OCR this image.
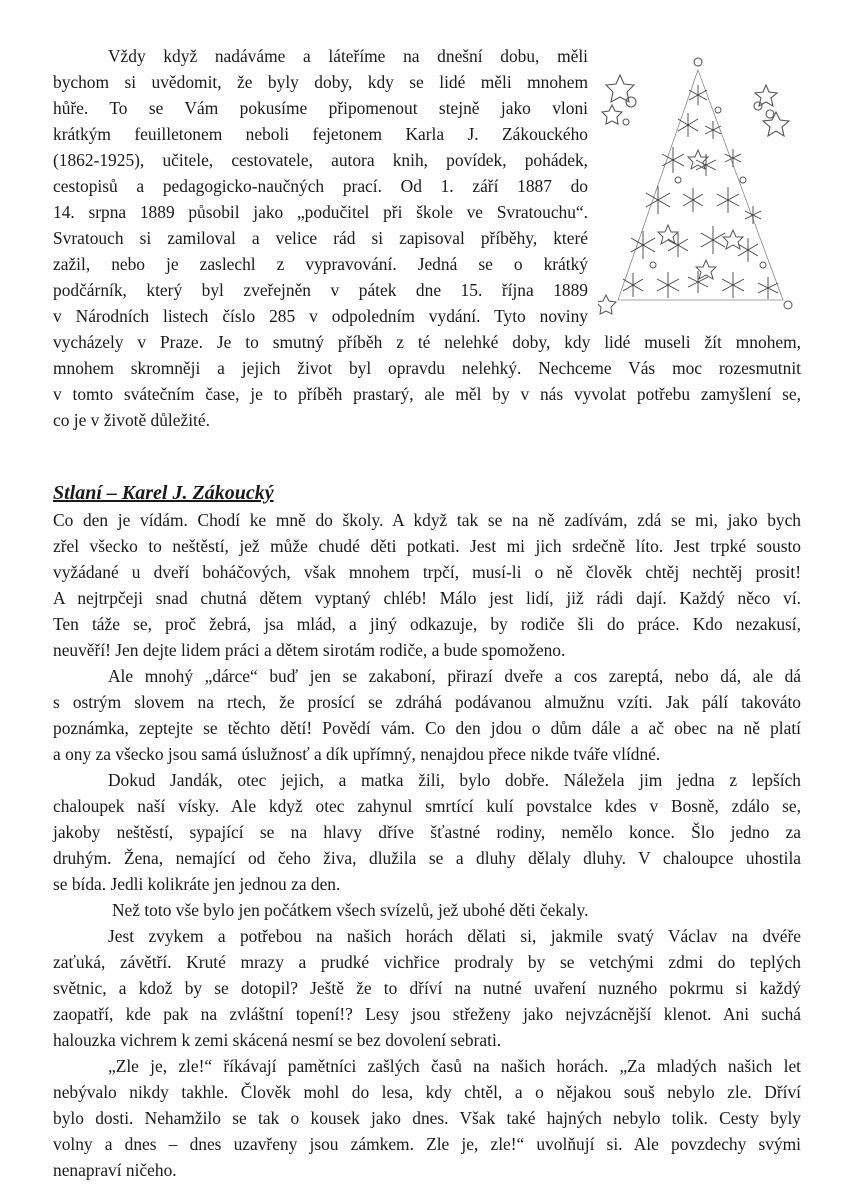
Vždy když nadáváme a láteříme na dnešní dobu, měli
bychom si uvědomit, že byly doby, kdy se lidé měli mnohem
hůře. To se Vám pokusíme připomenout stejně jako vloni
krátkým feuilletonem neboli fejetonem Karla J. Zákouckého
(1862-1925), učitele, cestovatele, autora knih, povídek, pohádek,
cestopisů a pedagogicko-naučných prací. Od 1. září 1887 do
14. srpna 1889 působil jako „podučitel při škole ve Svratouchu“.
Svratouch si zamiloval a velice rád si zapisoval příběhy, které
zažil, nebo je zaslechl z vypravování. Jedná se o krátký
podčárník, který byl zveřejněn v pátek dne 15. října 1889
v Národních listech číslo 285 v odpoledním vydání. Tyto noviny
vycházely v Praze. Je to smutný příběh z té nelehké doby, kdy lidé museli žít mnohem,
mnohem skromněji a jejich život byl opravdu nelehký. Nechceme Vás moc rozesmutnit
v tomto svátečním čase, je to příběh prastarý, ale měl by v nás vyvolat potřebu zamyšlení se,
co je v životě důležité.
Stlaní – Karel J. Zákoucký
Co den je vídám. Chodí ke mně do školy. A když tak se na ně zadívám, zdá se mi, jako bych
zřel všecko to neštěstí, jež může chudé děti potkati. Jest mi jich srdečně líto. Jest trpké sousto
vyžádané u dveří boháčových, však mnohem trpčí, musí-li o ně člověk chtěj nechtěj prosit!
A nejtrpčeji snad chutná dětem vyptaný chléb! Málo jest lidí, již rádi dají. Každý něco ví.
Ten táže se, proč žebrá, jsa mlád, a jiný odkazuje, by rodiče šli do práce. Kdo nezakusí,
neuvěří! Jen dejte lidem práci a dětem sirotám rodiče, a bude spomoženo.
Ale mnohý „dárce“ buď jen se zakaboní, přirazí dveře a cos zareptá, nebo dá, ale dá
s ostrým slovem na rtech, že prosící se zdráhá podávanou almužnu vzíti. Jak pálí takováto
poznámka, zeptejte se těchto dětí! Povědí vám. Co den jdou o dům dále a ač obec na ně platí
a ony za všecko jsou samá úslužnosť a dík upřímný, nenajdou přece nikde tváře vlídné.
Dokud Jandák, otec jejich, a matka žili, bylo dobře. Náležela jim jedna z lepších
chaloupek naší vísky. Ale když otec zahynul smrtící kulí povstalce kdes v Bosně, zdálo se,
jakoby neštěstí, sypající se na hlavy dříve šťastné rodiny, nemělo konce. Šlo jedno za
druhým. Žena, nemající od čeho živa, dlužila se a dluhy dělaly dluhy. V chaloupce uhostila
se bída. Jedli kolikráte jen jednou za den.
Než toto vše bylo jen počátkem všech svízelů, jež ubohé děti čekaly.
Jest zvykem a potřebou na našich horách dělati si, jakmile svatý Václav na dvéře
zaťuká, závětří. Kruté mrazy a prudké vichřice prodraly by se vetchými zdmi do teplých
světnic, a kdož by se dotopil? Ještě že to dříví na nutné uvaření nuzného pokrmu si každý
zaopatří, kde pak na zvláštní topení!? Lesy jsou střeženy jako nejvzácnější klenot. Ani suchá
halouzka vichrem k zemi skácená nesmí se bez dovolení sebrati.
„Zle je, zle!“ říkávají pamětníci zašlých časů na našich horách. „Za mladých našich let
nebývalo nikdy takhle. Člověk mohl do lesa, kdy chtěl, a o nějakou souš nebylo zle. Dříví
bylo dosti. Nehamžilo se tak o kousek jako dnes. Však také hajných nebylo tolik. Cesty byly
volny a dnes – dnes uzavřeny jsou zámkem. Zle je, zle!“ uvolňují si. Ale povzdechy svými
nenapraví ničeho.
